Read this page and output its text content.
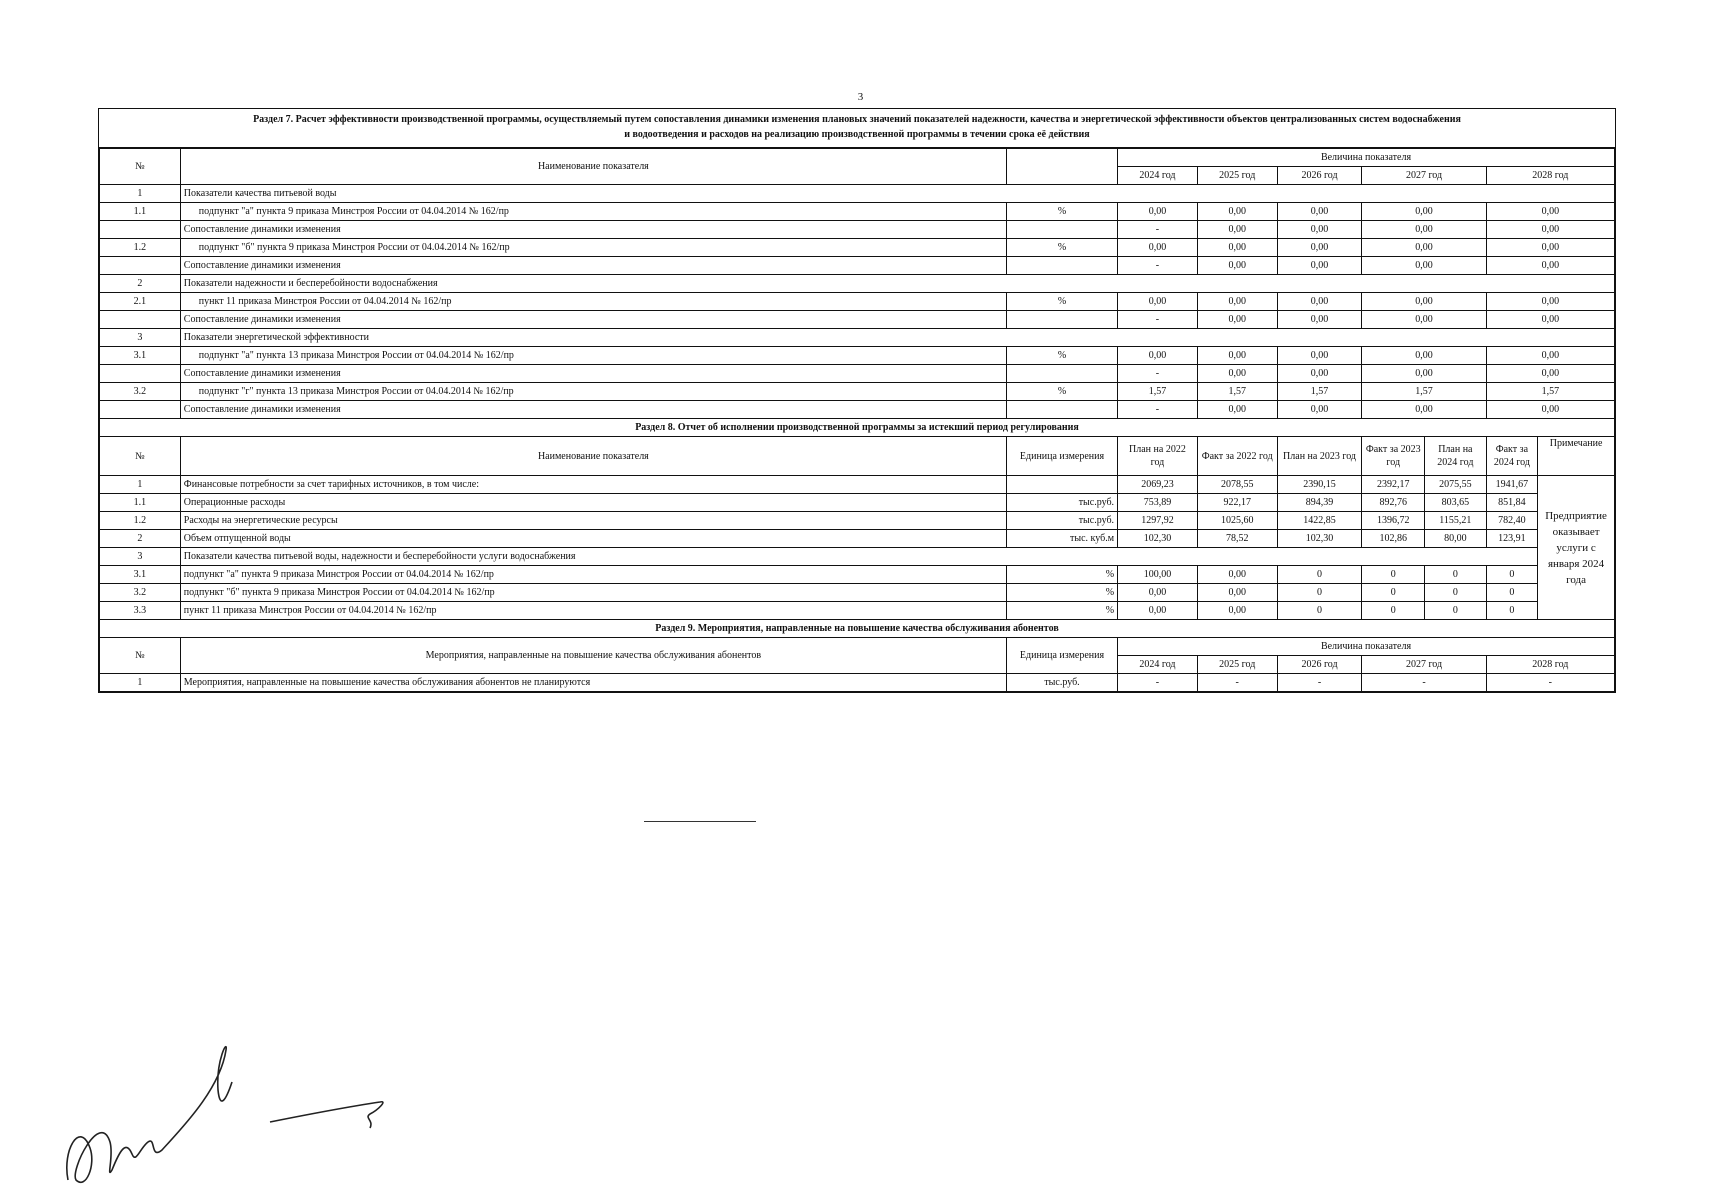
3
Раздел 7. Расчет эффективности производственной программы, осуществляемый путем сопоставления динамики изменения плановых значений показателей надежности, качества и энергетической эффективности объектов централизованных систем водоснабжения
и водоотведения и расходов на реализацию производственной программы в течении срока её действия
№	Наименование показателя		Величина показателя						
			2024 год	2025 год	2026 год	2027 год		2028 год	
1	Показатели качества питьевой воды								
1.1	подпункт "а" пункта 9 приказа Минстроя России от 04.04.2014 № 162/пр	%	0,00	0,00	0,00	0,00		0,00	
	Сопоставление динамики изменения		-	0,00	0,00	0,00		0,00	
1.2	подпункт "б" пункта 9 приказа Минстроя России от 04.04.2014 № 162/пр	%	0,00	0,00	0,00	0,00		0,00	
	Сопоставление динамики изменения		-	0,00	0,00	0,00		0,00	
2	Показатели надежности и бесперебойности водоснабжения								
2.1	пункт 11 приказа Минстроя России от 04.04.2014 № 162/пр	%	0,00	0,00	0,00	0,00		0,00	
	Сопоставление динамики изменения		-	0,00	0,00	0,00		0,00	
3	Показатели энергетической эффективности								
3.1	подпункт "а" пункта 13 приказа Минстроя России от 04.04.2014 № 162/пр	%	0,00	0,00	0,00	0,00		0,00	
	Сопоставление динамики изменения		-	0,00	0,00	0,00		0,00	
3.2	подпункт "г" пункта 13 приказа Минстроя России от 04.04.2014 № 162/пр	%	1,57	1,57	1,57	1,57		1,57	
	Сопоставление динамики изменения		-	0,00	0,00	0,00		0,00	
Раздел 8. Отчет об исполнении производственной программы за истекший период регулирования									
№	Наименование показателя	Единица измерения	План на 2022 год	Факт за 2022 год	План на 2023 год	Факт за 2023 год	План на 2024 год	Факт за 2024 год	Примечание
1	Финансовые потребности за счет тарифных источников, в том числе:		2069,23	2078,55	2390,15	2392,17	2075,55	1941,67	Предприятие оказывает услуги с января 2024 года
1.1	Операционные расходы	тыс.руб.	753,89	922,17	894,39	892,76	803,65	851,84	
1.2	Расходы на энергетические ресурсы	тыс.руб.	1297,92	1025,60	1422,85	1396,72	1155,21	782,40	
2	Объем отпущенной воды	тыс. куб.м	102,30	78,52	102,30	102,86	80,00	123,91	
3	Показатели качества питьевой воды, надежности и бесперебойности услуги водоснабжения								
3.1	подпункт "а" пункта 9 приказа Минстроя России от 04.04.2014 № 162/пр	%	100,00	0,00	0	0	0	0	
3.2	подпункт "б" пункта 9 приказа Минстроя России от 04.04.2014 № 162/пр	%	0,00	0,00	0	0	0	0	
3.3	пункт 11 приказа Минстроя России от 04.04.2014 № 162/пр	%	0,00	0,00	0	0	0	0	
Раздел 9. Мероприятия, направленные на повышение качества обслуживания абонентов									
№	Мероприятия, направленные на повышение качества обслуживания абонентов	Единица измерения	Величина показателя						
			2024 год	2025 год	2026 год	2027 год		2028 год	
1	Мероприятия, направленные на повышение качества обслуживания абонентов не планируются	тыс.руб.	-	-	-	-		-	
